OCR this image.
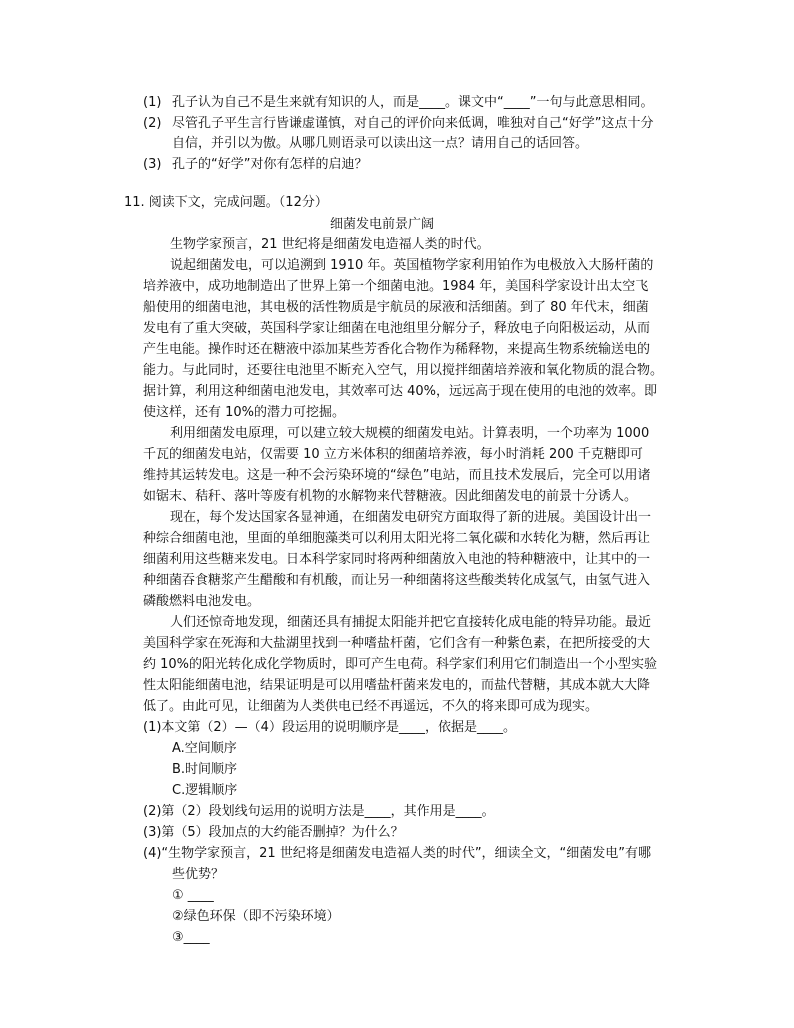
(1) 孔子认为自己不是生来就有知识的人，而是____。课文中“____”一句与此意思相同。
(2) 尽管孔子平生言行皆谦虚谨慎，对自己的评价向来低调，唯独对自己“好学”这点十分
自信，并引以为傲。从哪几则语录可以读出这一点？请用自己的话回答。
(3) 孔子的“好学”对你有怎样的启迪？
11. 阅读下文，完成问题。（12分）
细菌发电前景广阔
生物学家预言，21 世纪将是细菌发电造福人类的时代。
说起细菌发电，可以追溯到 1910 年。英国植物学家利用铂作为电极放入大肠杆菌的
培养液中，成功地制造出了世界上第一个细菌电池。1984 年，美国科学家设计出太空飞
船使用的细菌电池，其电极的活性物质是宇航员的尿液和活细菌。到了 80 年代末，细菌
发电有了重大突破，英国科学家让细菌在电池组里分解分子，释放电子向阳极运动，从而
产生电能。操作时还在糖液中添加某些芳香化合物作为稀释物，来提高生物系统输送电的
能力。与此同时，还要往电池里不断充入空气，用以搅拌细菌培养液和氧化物质的混合物。
据计算，利用这种细菌电池发电，其效率可达 40%，远远高于现在使用的电池的效率。即
使这样，还有 10%的潜力可挖掘。
利用细菌发电原理，可以建立较大规模的细菌发电站。计算表明，一个功率为 1000
千瓦的细菌发电站，仅需要 10 立方米体积的细菌培养液，每小时消耗 200 千克糖即可
维持其运转发电。这是一种不会污染环境的“绿色”电站，而且技术发展后，完全可以用诸
如锯末、秸秆、落叶等废有机物的水解物来代替糖液。因此细菌发电的前景十分诱人。
现在，每个发达国家各显神通，在细菌发电研究方面取得了新的进展。美国设计出一
种综合细菌电池，里面的单细胞藻类可以利用太阳光将二氧化碳和水转化为糖，然后再让
细菌利用这些糖来发电。日本科学家同时将两种细菌放入电池的特种糖液中，让其中的一
种细菌吞食糖浆产生醋酸和有机酸，而让另一种细菌将这些酸类转化成氢气，由氢气进入
磷酸燃料电池发电。
人们还惊奇地发现，细菌还具有捕捉太阳能并把它直接转化成电能的特异功能。最近
美国科学家在死海和大盐湖里找到一种嗜盐杆菌，它们含有一种紫色素，在把所接受的大
约 10%的阳光转化成化学物质时，即可产生电荷。科学家们利用它们制造出一个小型实验
性太阳能细菌电池，结果证明是可以用嗜盐杆菌来发电的，而盐代替糖，其成本就大大降
低了。由此可见，让细菌为人类供电已经不再遥远，不久的将来即可成为现实。
(1)本文第（2）—（4）段运用的说明顺序是____，依据是____。
A.空间顺序
B.时间顺序
C.逻辑顺序
(2)第（2）段划线句运用的说明方法是____，其作用是____。
(3)第（5）段加点的大约能否删掉？为什么？
(4)“生物学家预言，21 世纪将是细菌发电造福人类的时代”，细读全文，“细菌发电”有哪
些优势？
① ____
②绿色环保（即不污染环境）
③____
